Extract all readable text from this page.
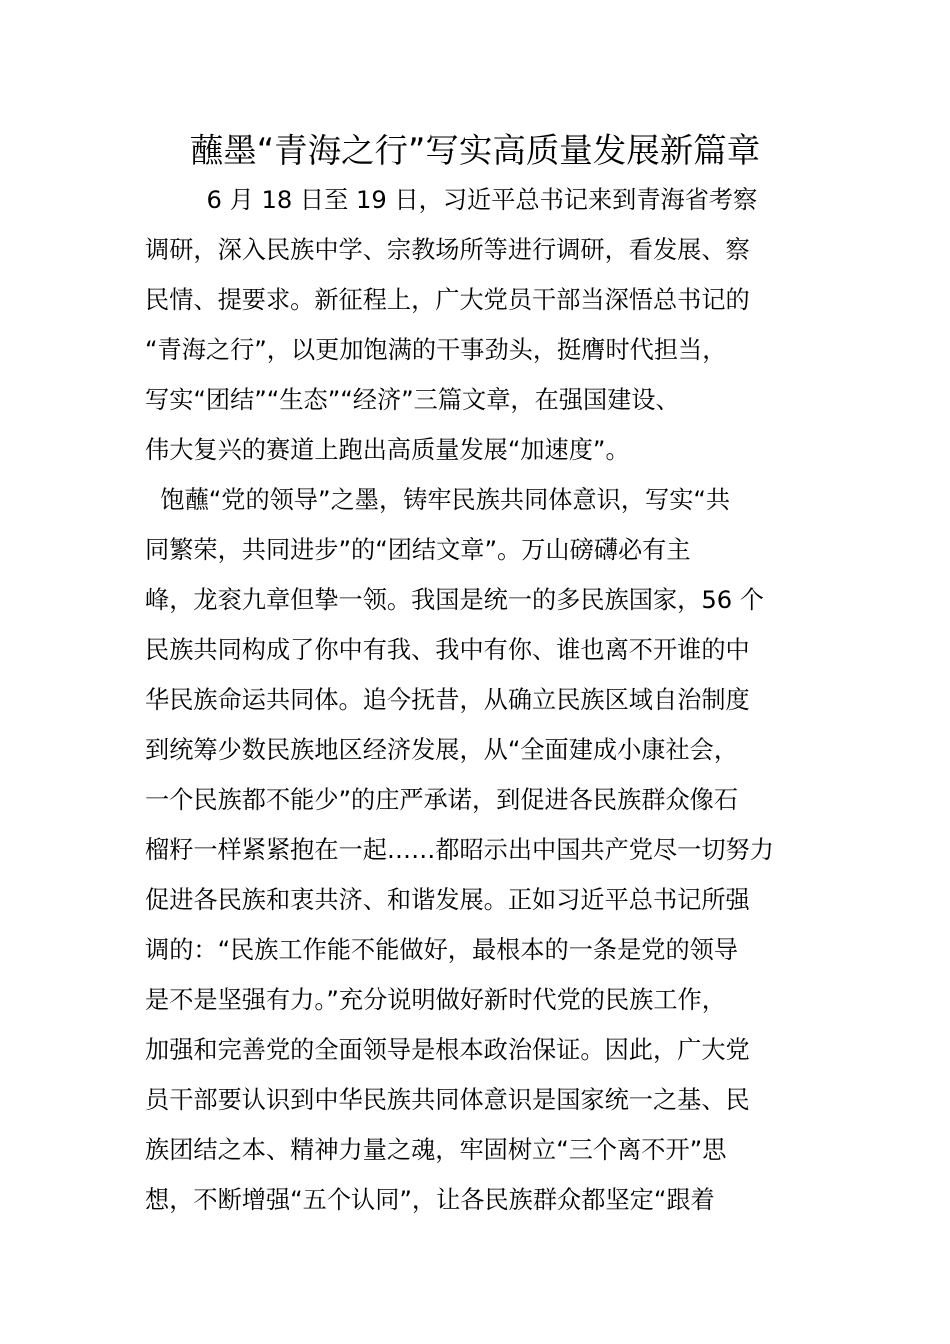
蘸墨“青海之行”写实高质量发展新篇章
6 月 18 日至 19 日，习近平总书记来到青海省考察
调研，深入民族中学、宗教场所等进行调研，看发展、察
民情、提要求。新征程上，广大党员干部当深悟总书记的
“青海之行”，以更加饱满的干事劲头，挺膺时代担当，
写实“团结”“生态”“经济”三篇文章，在强国建设、
伟大复兴的赛道上跑出高质量发展“加速度”。
饱蘸“党的领导”之墨，铸牢民族共同体意识，写实“共
同繁荣，共同进步”的“团结文章”。万山磅礴必有主
峰，龙衮九章但挚一领。我国是统一的多民族国家，56 个
民族共同构成了你中有我、我中有你、谁也离不开谁的中
华民族命运共同体。追今抚昔，从确立民族区域自治制度
到统筹少数民族地区经济发展，从“全面建成小康社会，
一个民族都不能少”的庄严承诺，到促进各民族群众像石
榴籽一样紧紧抱在一起……都昭示出中国共产党尽一切努力
促进各民族和衷共济、和谐发展。正如习近平总书记所强
调的：“民族工作能不能做好，最根本的一条是党的领导
是不是坚强有力。”充分说明做好新时代党的民族工作，
加强和完善党的全面领导是根本政治保证。因此，广大党
员干部要认识到中华民族共同体意识是国家统一之基、民
族团结之本、精神力量之魂，牢固树立“三个离不开”思
想，不断增强“五个认同”，让各民族群众都坚定“跟着
